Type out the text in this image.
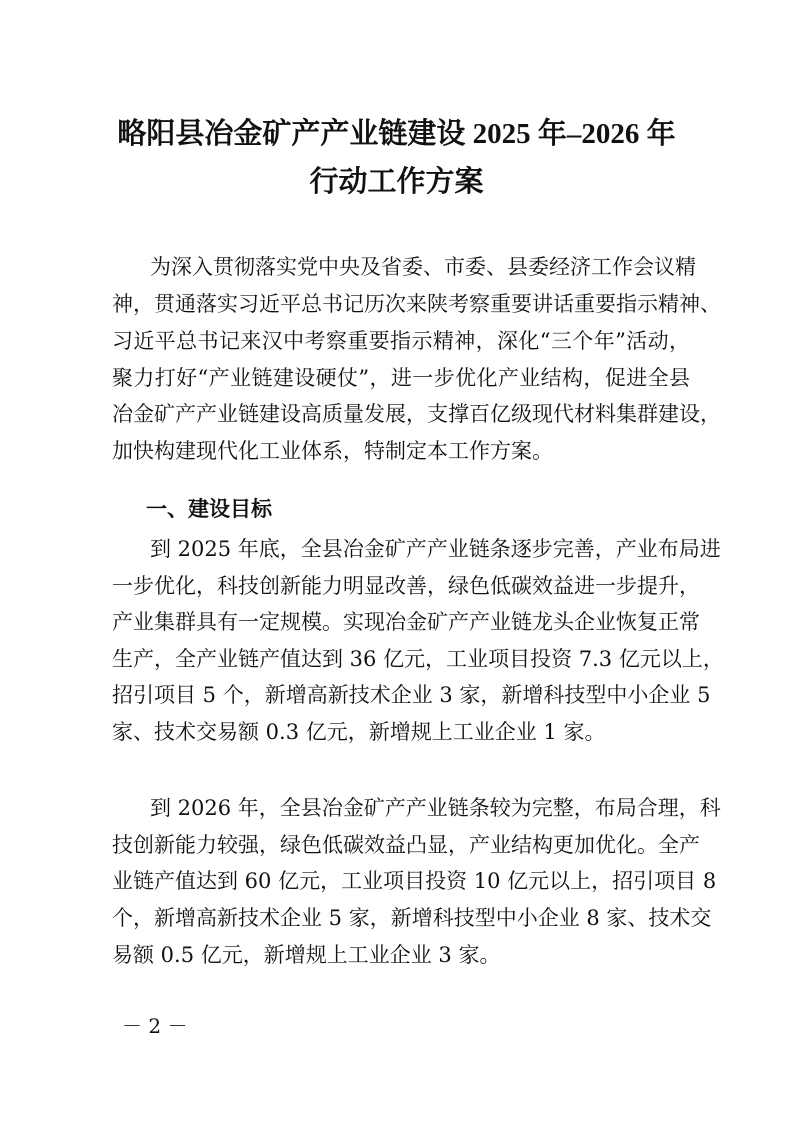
略阳县冶金矿产产业链建设 2025 年–2026 年
行动工作方案
为深入贯彻落实党中央及省委、市委、县委经济工作会议精
神，贯通落实习近平总书记历次来陕考察重要讲话重要指示精神、
习近平总书记来汉中考察重要指示精神，深化“三个年”活动，
聚力打好“产业链建设硬仗”，进一步优化产业结构，促进全县
冶金矿产产业链建设高质量发展，支撑百亿级现代材料集群建设，
加快构建现代化工业体系，特制定本工作方案。
一、建设目标
到 2025 年底，全县冶金矿产产业链条逐步完善，产业布局进
一步优化，科技创新能力明显改善，绿色低碳效益进一步提升，
产业集群具有一定规模。实现冶金矿产产业链龙头企业恢复正常
生产，全产业链产值达到 36 亿元，工业项目投资 7.3 亿元以上，
招引项目 5 个，新增高新技术企业 3 家，新增科技型中小企业 5
家、技术交易额 0.3 亿元，新增规上工业企业 1 家。
到 2026 年，全县冶金矿产产业链条较为完整，布局合理，科
技创新能力较强，绿色低碳效益凸显，产业结构更加优化。全产
业链产值达到 60 亿元，工业项目投资 10 亿元以上，招引项目 8
个，新增高新技术企业 5 家，新增科技型中小企业 8 家、技术交
易额 0.5 亿元，新增规上工业企业 3 家。
－ 2 －
